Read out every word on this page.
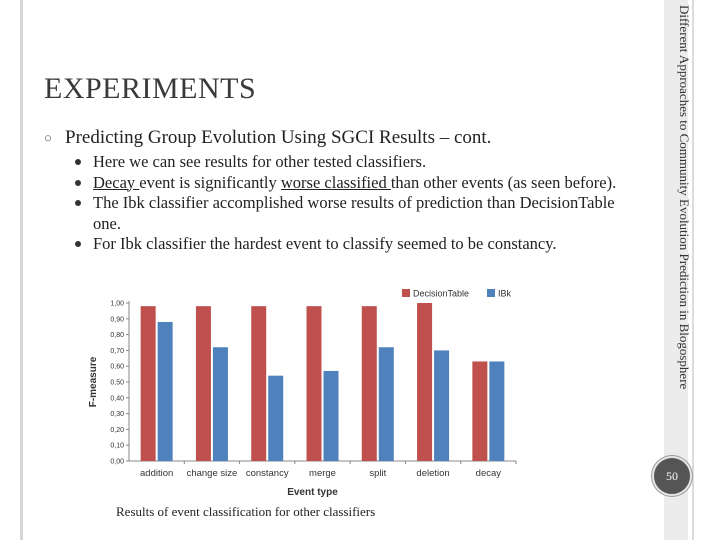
Different Approaches to Community Evolution Prediction in Blogosphere
EXPERIMENTS
○ Predicting Group Evolution Using SGCI Results – cont.
Here we can see results for other tested classifiers.
Decay event is significantly worse classified than other events (as seen before).
The Ibk classifier accomplished worse results of prediction than DecisionTable one.
For Ibk classifier the hardest event to classify seemed to be constancy.
0,00
0,10
0,20
0,30
0,40
0,50
0,60
0,70
0,80
0,90
1,00
F-measure
addition change size constancy merge	split	deletion	decay
Event type
DecisionTable	IBk
Results of event classification for other classifiers
50
